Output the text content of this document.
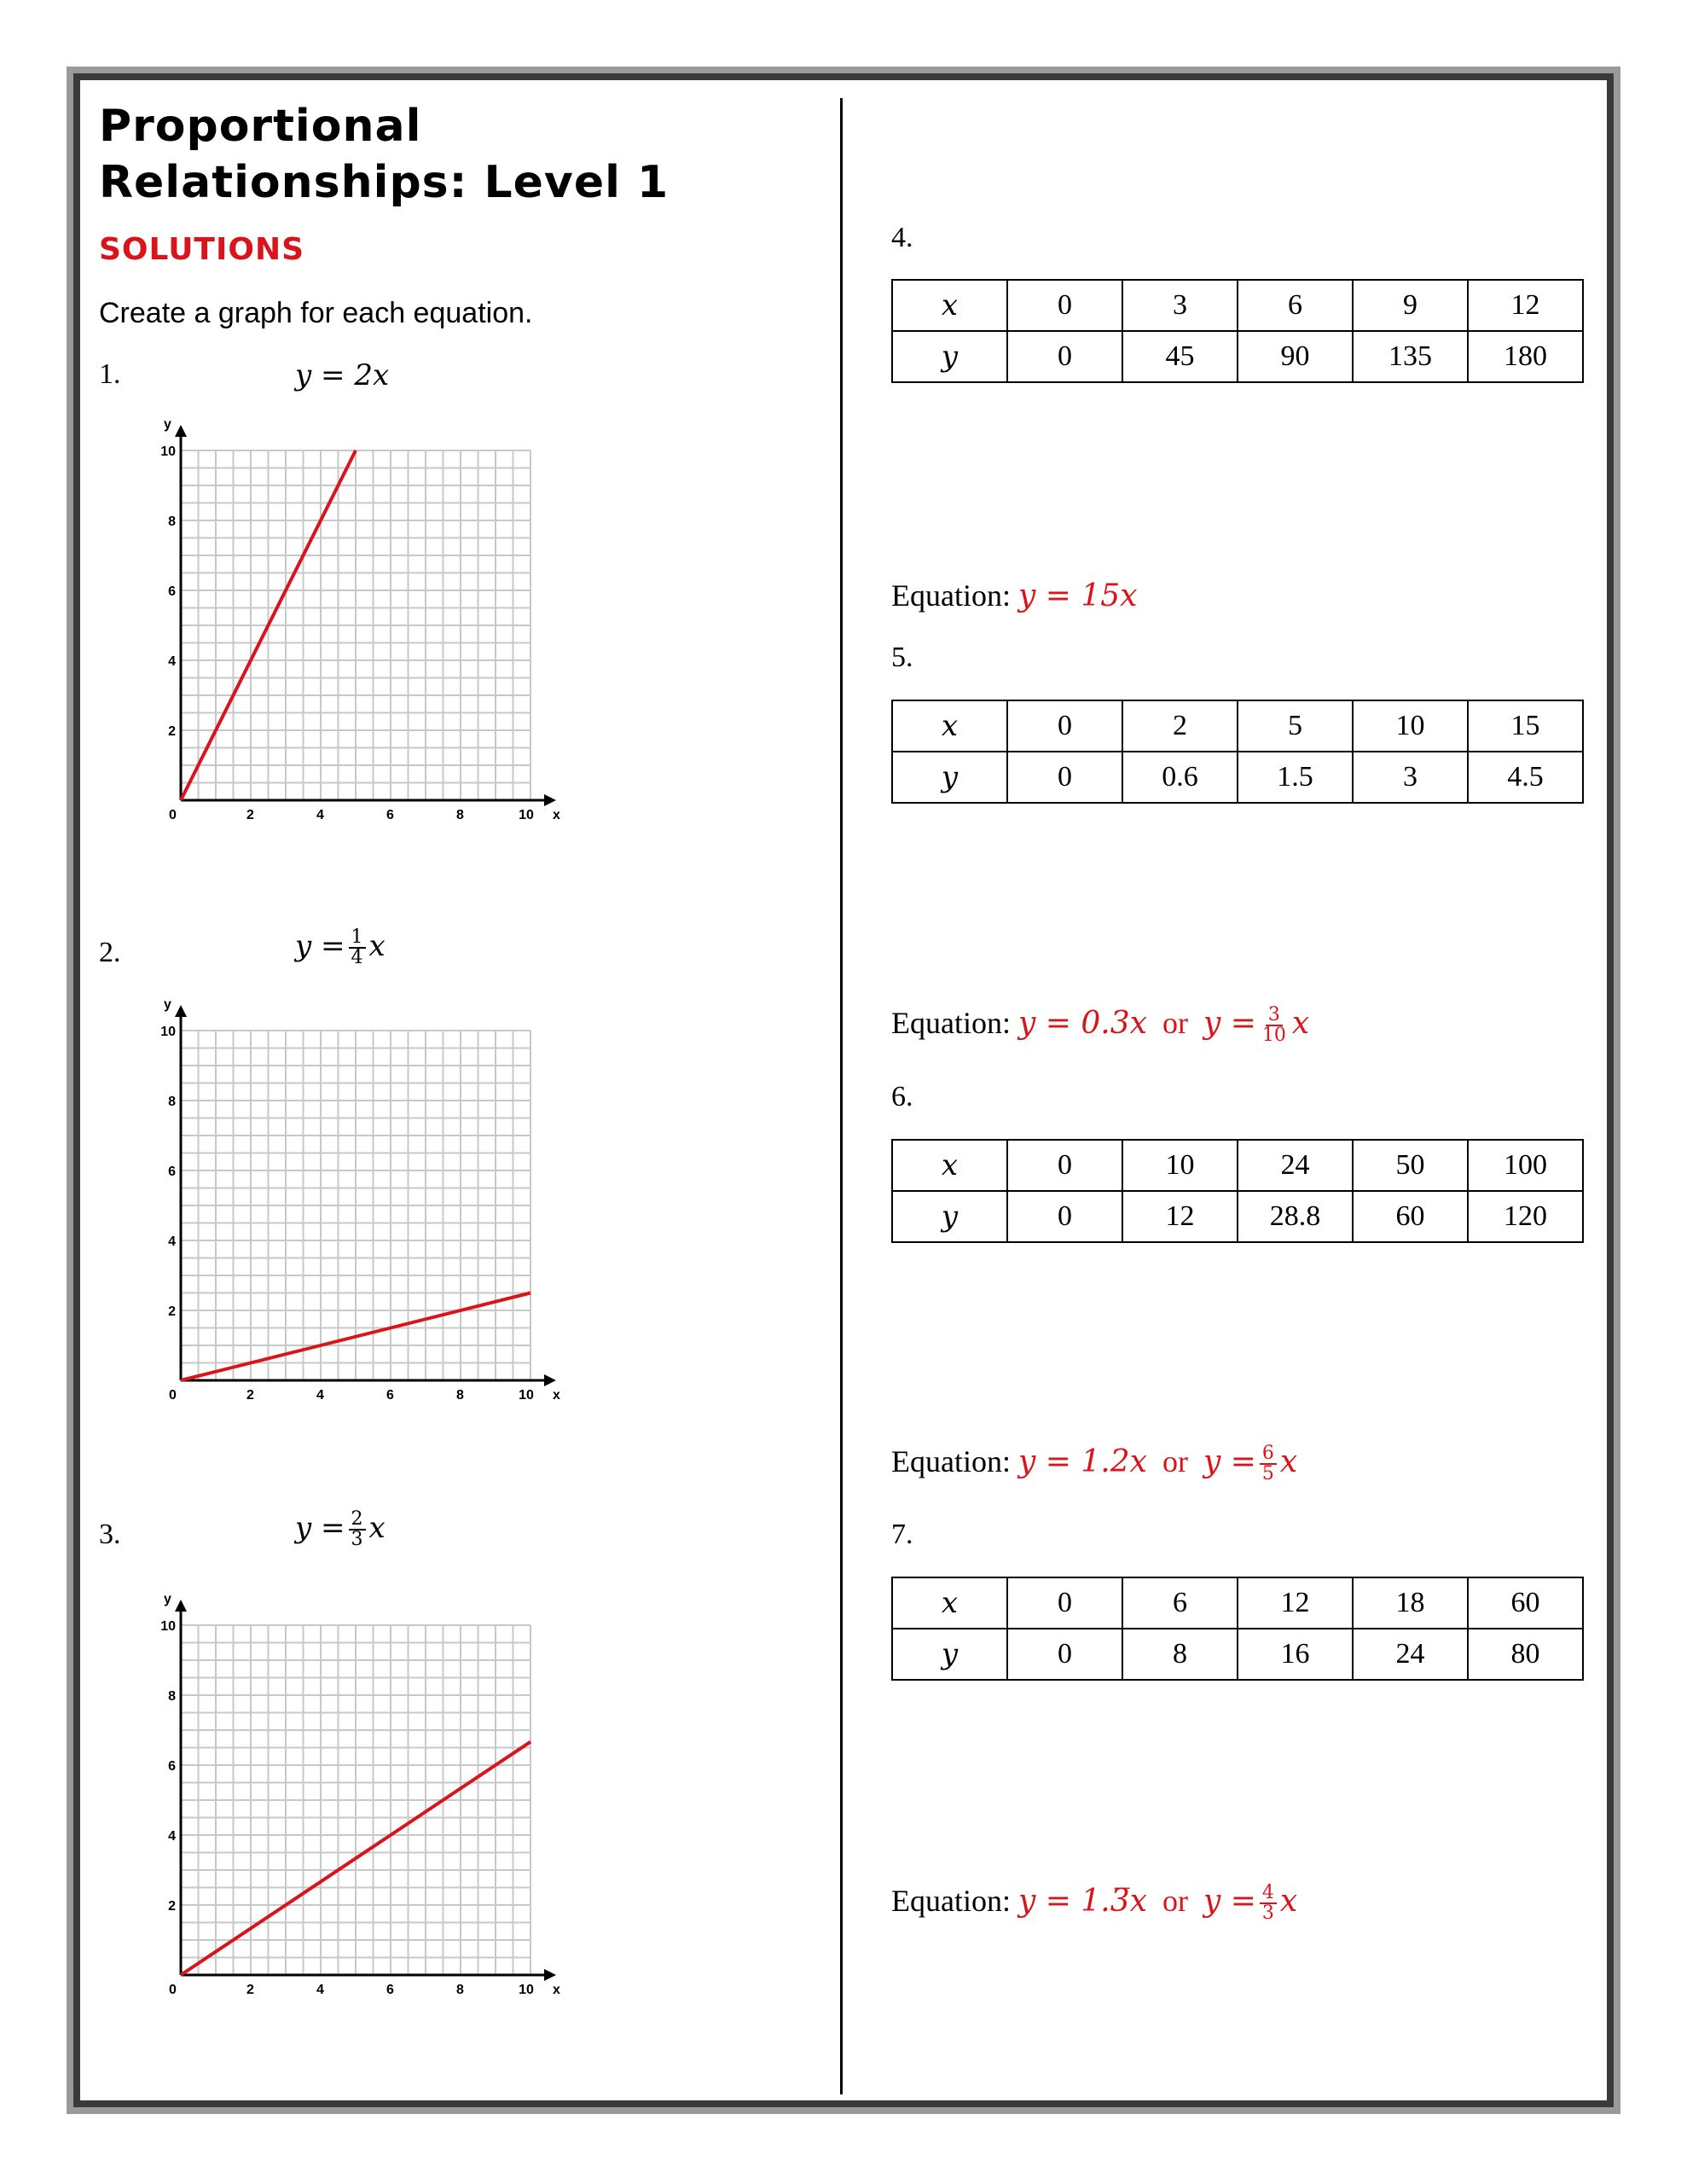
Proportional
Relationships: Level 1
SOLUTIONS
Create a graph for each equation.
1.	y = 2x
x
y
0	2	4	6	8	10
2
4
6
8
10
2.	$y = \frac{1}{4}$ x
x
y
0	2	4	6	8	10
2
4
6
8
10
3.	$y = \frac{2}{3}$ x
x
y
0	2	4	6	8	10
2
4
6
8
10
4.
x	0	3	6	9	12
y	0	45	90	135	180
Equation: y = 15x
5.
x	0	2	5	10	15
y	0	0.6	1.5	3	4.5
Equation: y = 0.3x or $y = \frac{3}{10}$ x
6.
x	0	10	24	50	100
y	0	12	28.8	60	120
Equation: y = 1.2x or $y = \frac{6}{5}$ x
7.
x	0	6	12	18	60
y	0	8	16	24	80
Equation: y = 1.3̅x or $y = \frac{4}{3}$ x
